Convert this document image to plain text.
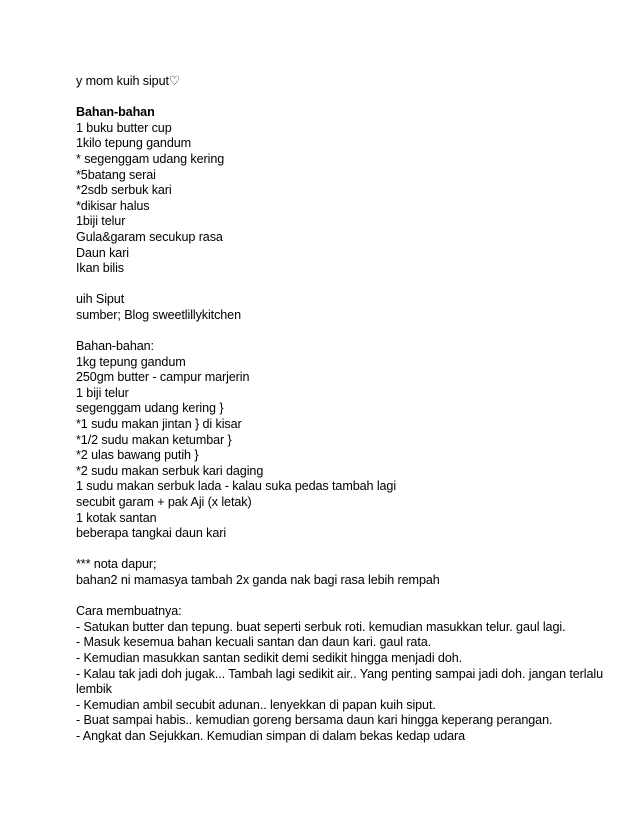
y mom kuih siput♡

Bahan-bahan

1 buku butter cup

1kilo tepung gandum

* segenggam udang kering

*5batang serai

*2sdb serbuk kari

*dikisar halus

1biji telur

Gula&garam secukup rasa

Daun kari

Ikan bilis

uih Siput

sumber; Blog sweetlillykitchen

Bahan-bahan:

1kg tepung gandum

250gm butter - campur marjerin

1 biji telur

segenggam udang kering }

*1 sudu makan jintan } di kisar

*1/2 sudu makan ketumbar }

*2 ulas bawang putih }

*2 sudu makan serbuk kari daging

1 sudu makan serbuk lada - kalau suka pedas tambah lagi

secubit garam + pak Aji (x letak)

1 kotak santan

beberapa tangkai daun kari

*** nota dapur;

bahan2 ni mamasya tambah 2x ganda nak bagi rasa lebih rempah

Cara membuatnya:

- Satukan butter dan tepung. buat seperti serbuk roti. kemudian masukkan telur. gaul lagi.

- Masuk kesemua bahan kecuali santan dan daun kari. gaul rata.

- Kemudian masukkan santan sedikit demi sedikit hingga menjadi doh.

- Kalau tak jadi doh jugak... Tambah lagi sedikit air.. Yang penting sampai jadi doh. jangan terlalu lembik

- Kemudian ambil secubit adunan.. lenyekkan di papan kuih siput.

- Buat sampai habis.. kemudian goreng bersama daun kari hingga keperang perangan.

- Angkat dan Sejukkan. Kemudian simpan di dalam bekas kedap udara
